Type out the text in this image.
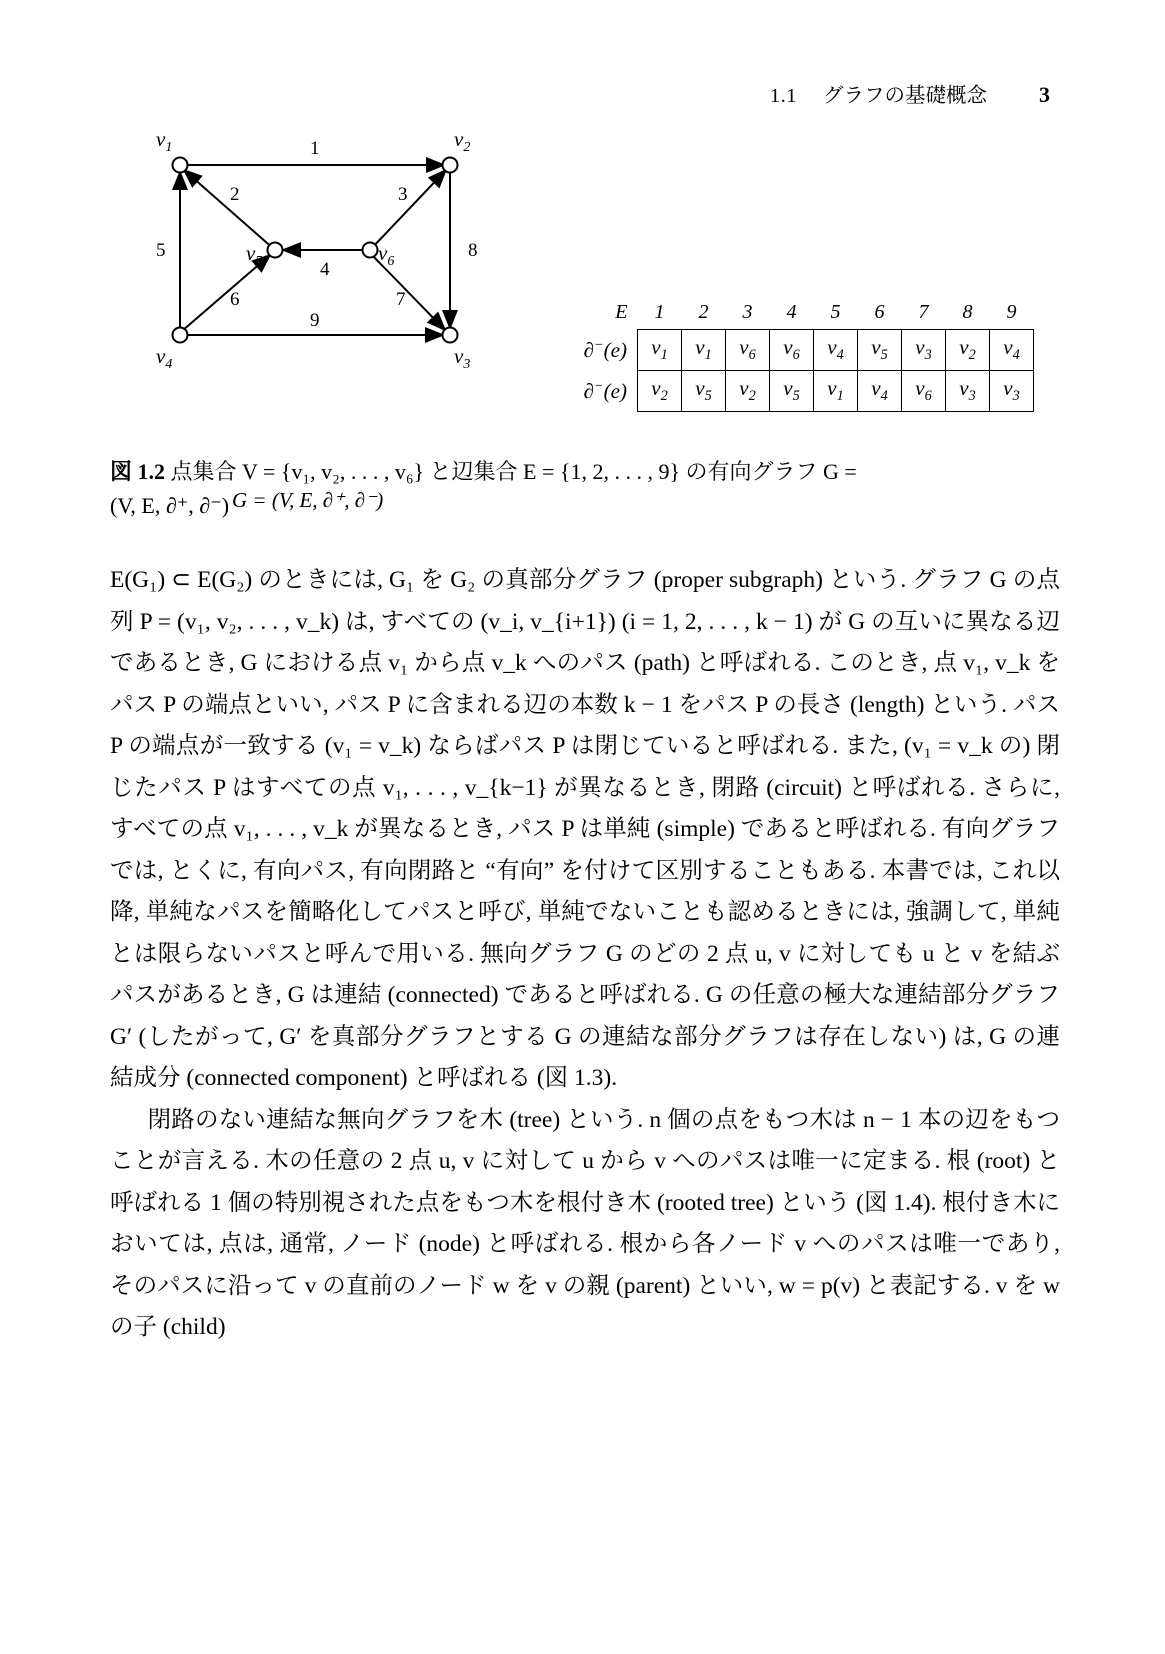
1.1 グラフの基礎概念 3
$v_1$	$v_2$
$v_5$	$v_6$
$v_4$	$v_3$
1
2	3
4
5
6	7
8
9
G = (V, E, ∂⁺, ∂⁻)
E	1	2	3	4	5	6	7	8	9
∂−(e)	$v_1$	$v_1$	$v_6$	$v_6$	$v_4$	$v_5$	$v_3$	$v_2$	$v_4$
∂−(e)	$v_2$	$v_5$	$v_2$	$v_5$	$v_1$	$v_4$	$v_6$	$v_3$	$v_3$
図 1.2 点集合 V = {v₁, v₂, . . . , v₆} と辺集合 E = {1, 2, . . . , 9} の有向グラフ G =
(V, E, ∂⁺, ∂⁻)

E(G₁) ⊂ E(G₂) のときには, G₁ を G₂ の真部分グラフ (proper subgraph) という. グラフ G の点列 P = (v₁, v₂, . . . , v_k) は, すべての (v_i, v_{i+1}) (i = 1, 2, . . . , k − 1) が G の互いに異なる辺であるとき, G における点 v₁ から点 v_k へのパス (path) と呼ばれる. このとき, 点 v₁, v_k をパス P の端点といい, パス P に含まれる辺の本数 k − 1 をパス P の長さ (length) という. パス P の端点が一致する (v₁ = v_k) ならばパス P は閉じていると呼ばれる. また, (v₁ = v_k の) 閉じたパス P はすべての点 v₁, . . . , v_{k−1} が異なるとき, 閉路 (circuit) と呼ばれる. さらに, すべての点 v₁, . . . , v_k が異なるとき, パス P は単純 (simple) であると呼ばれる. 有向グラフでは, とくに, 有向パス, 有向閉路と “有向” を付けて区別することもある. 本書では, これ以降, 単純なパスを簡略化してパスと呼び, 単純でないことも認めるときには, 強調して, 単純とは限らないパスと呼んで用いる. 無向グラフ G のどの 2 点 u, v に対しても u と v を結ぶパスがあるとき, G は連結 (connected) であると呼ばれる. G の任意の極大な連結部分グラフ G′ (したがって, G′ を真部分グラフとする G の連結な部分グラフは存在しない) は, G の連結成分 (connected component) と呼ばれる (図 1.3).

閉路のない連結な無向グラフを木 (tree) という. n 個の点をもつ木は n − 1 本の辺をもつことが言える. 木の任意の 2 点 u, v に対して u から v へのパスは唯一に定まる. 根 (root) と呼ばれる 1 個の特別視された点をもつ木を根付き木 (rooted tree) という (図 1.4). 根付き木においては, 点は, 通常, ノード (node) と呼ばれる. 根から各ノード v へのパスは唯一であり, そのパスに沿って v の直前のノード w を v の親 (parent) といい, w = p(v) と表記する. v を w の子 (child)
